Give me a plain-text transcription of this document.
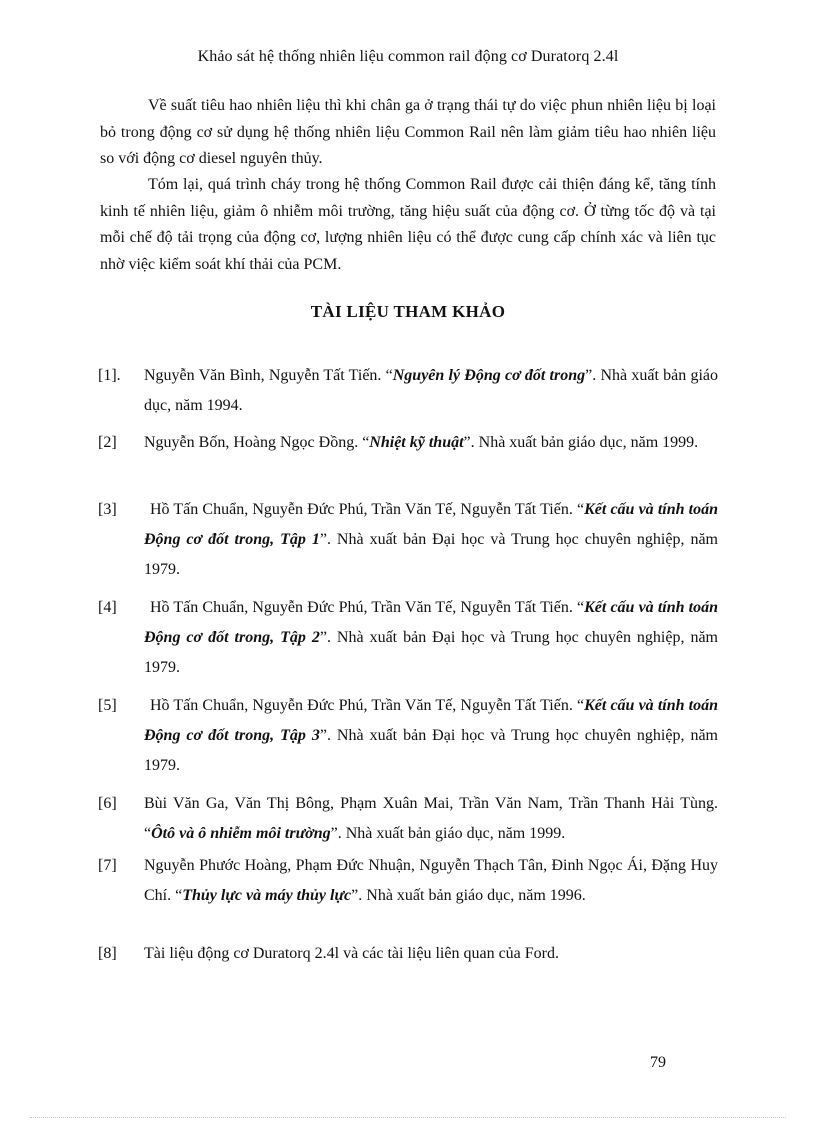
Khảo sát hệ thống nhiên liệu common rail động cơ Duratorq 2.4l

Về suất tiêu hao nhiên liệu thì khi chân ga ở trạng thái tự do việc phun nhiên liệu bị loại bỏ trong động cơ sử dụng hệ thống nhiên liệu Common Rail nên làm giảm tiêu hao nhiên liệu so với động cơ diesel nguyên thủy.

Tóm lại, quá trình cháy trong hệ thống Common Rail được cải thiện đáng kể, tăng tính kinh tế nhiên liệu, giảm ô nhiễm môi trường, tăng hiệu suất của động cơ. Ở từng tốc độ và tại mỗi chế độ tải trọng của động cơ, lượng nhiên liệu có thể được cung cấp chính xác và liên tục nhờ việc kiểm soát khí thải của PCM.

TÀI LIỆU THAM KHẢO
[1]. Nguyễn Văn Bình, Nguyễn Tất Tiến. “Nguyên lý Động cơ đốt trong”. Nhà xuất bản giáo dục, năm 1994.
[2] Nguyễn Bốn, Hoàng Ngọc Đồng. “Nhiệt kỹ thuật”. Nhà xuất bản giáo dục, năm 1999.
[3]	Hồ Tấn Chuẩn, Nguyễn Đức Phú, Trần Văn Tế, Nguyễn Tất Tiến. “Kết cấu và tính toán Động cơ đốt trong, Tập 1”. Nhà xuất bản Đại học và Trung học chuyên nghiệp, năm 1979.
[4]	Hồ Tấn Chuẩn, Nguyễn Đức Phú, Trần Văn Tế, Nguyễn Tất Tiến. “Kết cấu và tính toán Động cơ đốt trong, Tập 2”. Nhà xuất bản Đại học và Trung học chuyên nghiệp, năm 1979.
[5]	Hồ Tấn Chuẩn, Nguyễn Đức Phú, Trần Văn Tế, Nguyễn Tất Tiến. “Kết cấu và tính toán Động cơ đốt trong, Tập 3”. Nhà xuất bản Đại học và Trung học chuyên nghiệp, năm 1979.
[6] Bùi Văn Ga, Văn Thị Bông, Phạm Xuân Mai, Trần Văn Nam, Trần Thanh Hải Tùng. “Ôtô và ô nhiễm môi trường”. Nhà xuất bản giáo dục, năm 1999.
[7] Nguyễn Phước Hoàng, Phạm Đức Nhuận, Nguyễn Thạch Tân, Đinh Ngọc Ái, Đặng Huy Chí. “Thủy lực và máy thủy lực”. Nhà xuất bản giáo dục, năm 1996.
[8] Tài liệu động cơ Duratorq 2.4l và các tài liệu liên quan của Ford.
79
